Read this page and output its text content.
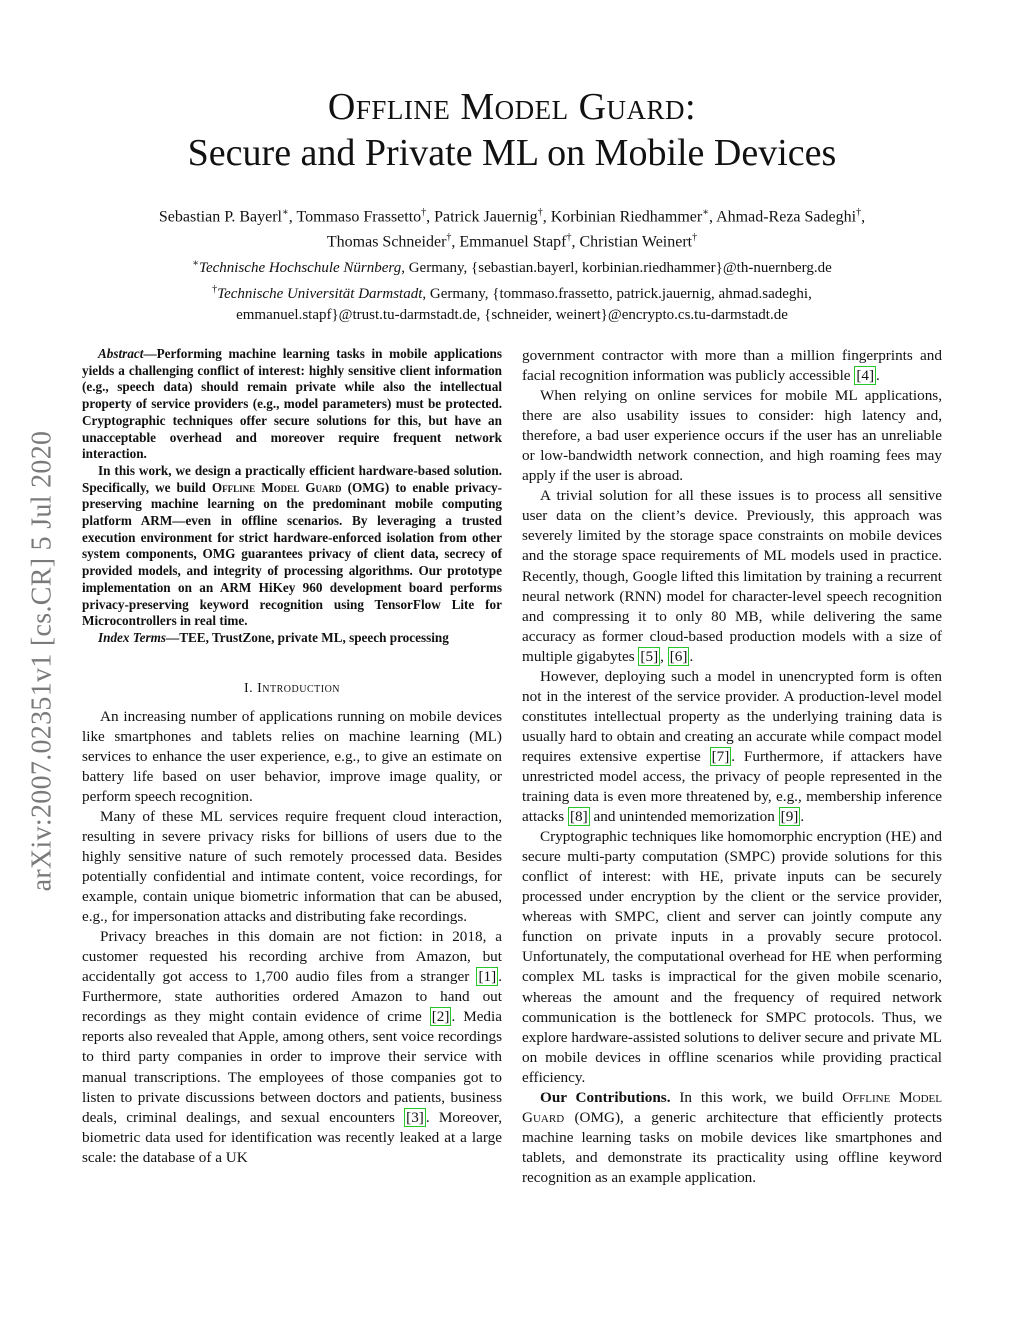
arXiv:2007.02351v1 [cs.CR] 5 Jul 2020
Offline Model Guard:
Secure and Private ML on Mobile Devices
Sebastian P. Bayerl∗, Tommaso Frassetto†, Patrick Jauernig†, Korbinian Riedhammer∗, Ahmad-Reza Sadeghi†,
Thomas Schneider†, Emmanuel Stapf†, Christian Weinert†
∗Technische Hochschule Nürnberg, Germany, {sebastian.bayerl, korbinian.riedhammer}@th-nuernberg.de
†Technische Universität Darmstadt, Germany, {tommaso.frassetto, patrick.jauernig, ahmad.sadeghi,
emmanuel.stapf}@trust.tu-darmstadt.de, {schneider, weinert}@encrypto.cs.tu-darmstadt.de

Abstract—Performing machine learning tasks in mobile applications yields a challenging conflict of interest: highly sensitive client information (e.g., speech data) should remain private while also the intellectual property of service providers (e.g., model parameters) must be protected. Cryptographic techniques offer secure solutions for this, but have an unacceptable overhead and moreover require frequent network interaction.

In this work, we design a practically efficient hardware-based solution. Specifically, we build Offline Model Guard (OMG) to enable privacy-preserving machine learning on the predominant mobile computing platform ARM—even in offline scenarios. By leveraging a trusted execution environment for strict hardware-enforced isolation from other system components, OMG guarantees privacy of client data, secrecy of provided models, and integrity of processing algorithms. Our prototype implementation on an ARM HiKey 960 development board performs privacy-preserving keyword recognition using TensorFlow Lite for Microcontrollers in real time.

Index Terms—TEE, TrustZone, private ML, speech processing

I. Introduction

An increasing number of applications running on mobile devices like smartphones and tablets relies on machine learning (ML) services to enhance the user experience, e.g., to give an estimate on battery life based on user behavior, improve image quality, or perform speech recognition.

Many of these ML services require frequent cloud interaction, resulting in severe privacy risks for billions of users due to the highly sensitive nature of such remotely processed data. Besides potentially confidential and intimate content, voice recordings, for example, contain unique biometric information that can be abused, e.g., for impersonation attacks and distributing fake recordings.

Privacy breaches in this domain are not fiction: in 2018, a customer requested his recording archive from Amazon, but accidentally got access to 1,700 audio files from a stranger [1] . Furthermore, state authorities ordered Amazon to hand out recordings as they might contain evidence of crime [2] . Media reports also revealed that Apple, among others, sent voice recordings to third party companies in order to improve their service with manual transcriptions. The employees of those companies got to listen to private discussions between doctors and patients, business deals, criminal dealings, and sexual encounters [3] . Moreover, biometric data used for identification was recently leaked at a large scale: the database of a UK

government contractor with more than a million fingerprints and facial recognition information was publicly accessible [4] .

When relying on online services for mobile ML applications, there are also usability issues to consider: high latency and, therefore, a bad user experience occurs if the user has an unreliable or low-bandwidth network connection, and high roaming fees may apply if the user is abroad.

A trivial solution for all these issues is to process all sensitive user data on the client’s device. Previously, this approach was severely limited by the storage space constraints on mobile devices and the storage space requirements of ML models used in practice. Recently, though, Google lifted this limitation by training a recurrent neural network (RNN) model for character-level speech recognition and compressing it to only 80 MB, while delivering the same accuracy as former cloud-based production models with a size of multiple gigabytes [5] , [6] .

However, deploying such a model in unencrypted form is often not in the interest of the service provider. A production-level model constitutes intellectual property as the underlying training data is usually hard to obtain and creating an accurate while compact model requires extensive expertise [7] . Furthermore, if attackers have unrestricted model access, the privacy of people represented in the training data is even more threatened by, e.g., membership inference attacks [8] and unintended memorization [9] .

Cryptographic techniques like homomorphic encryption (HE) and secure multi-party computation (SMPC) provide solutions for this conflict of interest: with HE, private inputs can be securely processed under encryption by the client or the service provider, whereas with SMPC, client and server can jointly compute any function on private inputs in a provably secure protocol. Unfortunately, the computational overhead for HE when performing complex ML tasks is impractical for the given mobile scenario, whereas the amount and the frequency of required network communication is the bottleneck for SMPC protocols. Thus, we explore hardware-assisted solutions to deliver secure and private ML on mobile devices in offline scenarios while providing practical efficiency.

Our Contributions. In this work, we build Offline Model Guard (OMG), a generic architecture that efficiently protects machine learning tasks on mobile devices like smartphones and tablets, and demonstrate its practicality using offline keyword recognition as an example application.
